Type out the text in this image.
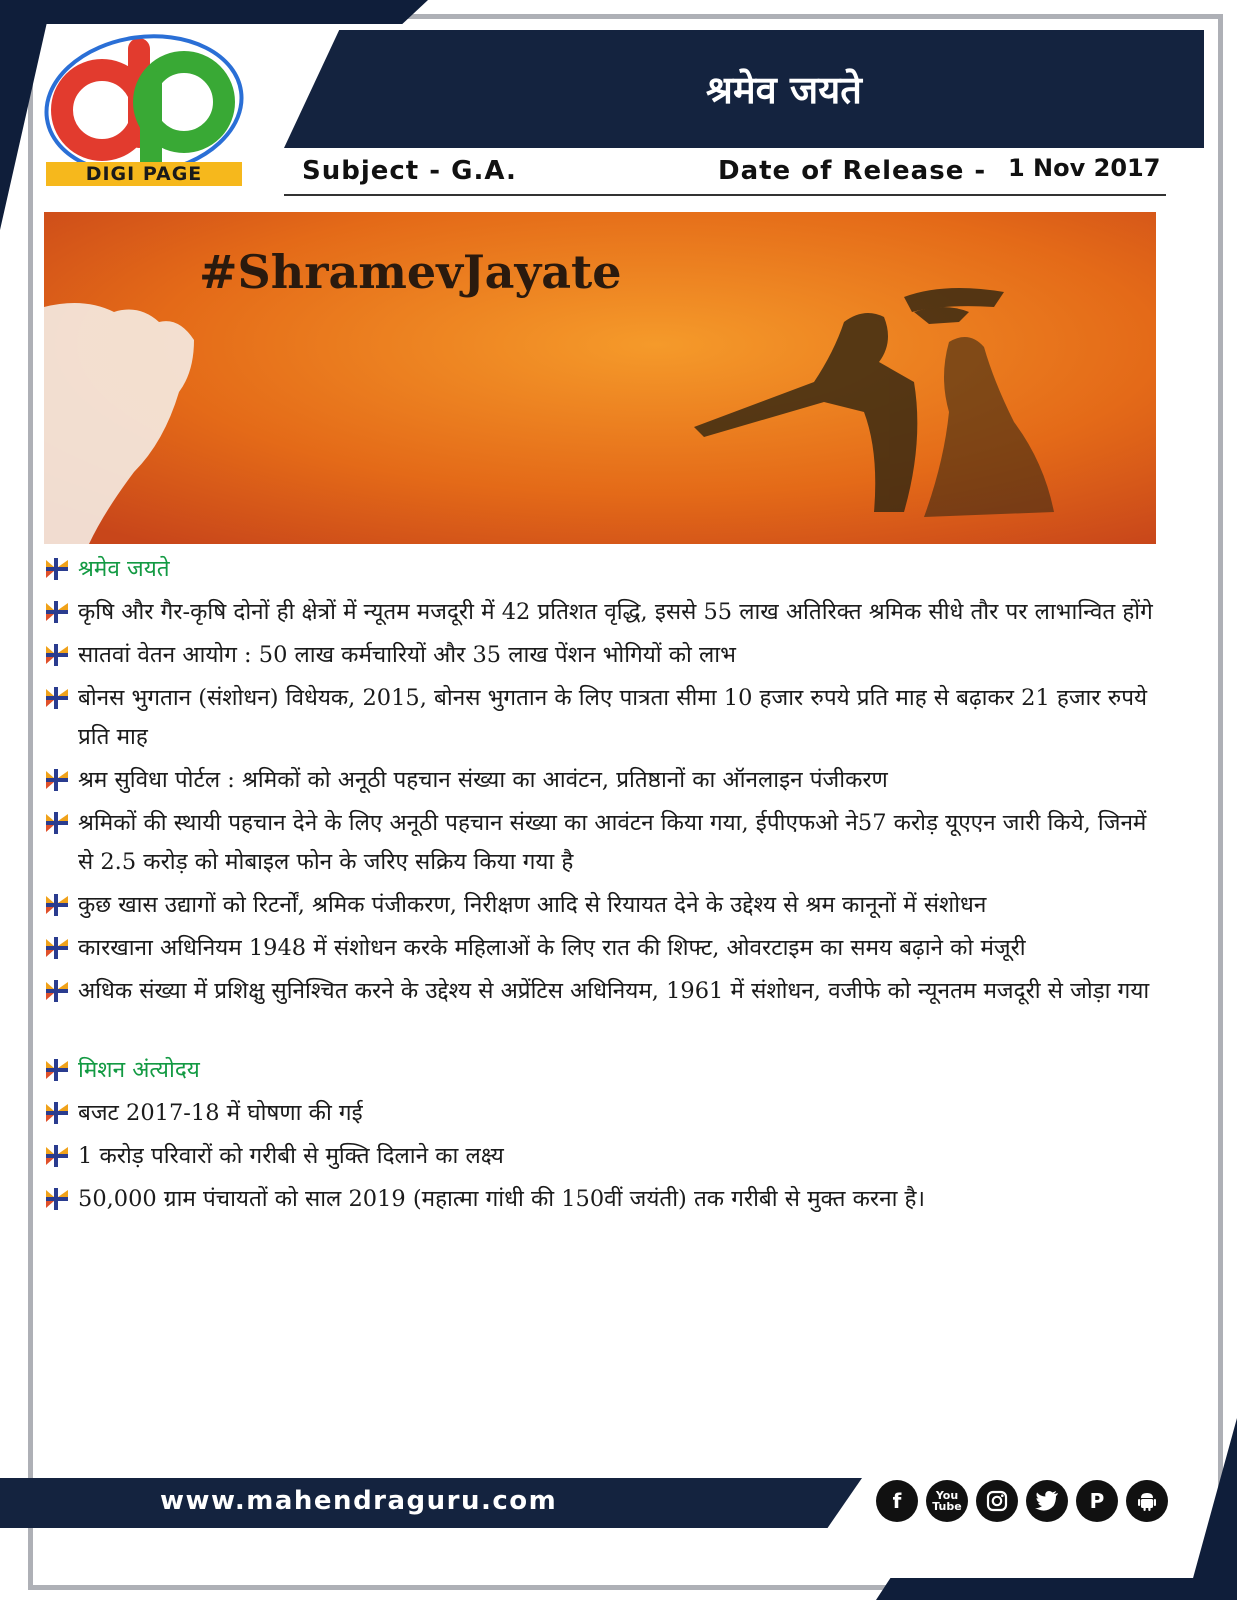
DIGI PAGE
श्रमेव जयते
Subject - G.A.	Date of Release - 1 Nov 2017
#ShramevJayate
श्रमेव जयते
कृषि और गैर-कृषि दोनों ही क्षेत्रों में न्यूतम मजदूरी में 42 प्रतिशत वृद्धि, इससे 55 लाख अतिरिक्त श्रमिक सीधे तौर पर लाभान्वित होंगे
सातवां वेतन आयोग : 50 लाख कर्मचारियों और 35 लाख पेंशन भोगियों को लाभ
बोनस भुगतान (संशोधन) विधेयक, 2015, बोनस भुगतान के लिए पात्रता सीमा 10 हजार रुपये प्रति माह से बढ़ाकर 21 हजार रुपये प्रति माह
श्रम सुविधा पोर्टल : श्रमिकों को अनूठी पहचान संख्या का आवंटन, प्रतिष्ठानों का ऑनलाइन पंजीकरण
श्रमिकों की स्थायी पहचान देने के लिए अनूठी पहचान संख्या का आवंटन किया गया, ईपीएफओ ने57 करोड़ यूएएन जारी किये, जिनमें से 2.5 करोड़ को मोबाइल फोन के जरिए सक्रिय किया गया है
कुछ खास उद्यागों को रिटर्नों, श्रमिक पंजीकरण, निरीक्षण आदि से रियायत देने के उद्देश्य से श्रम कानूनों में संशोधन
कारखाना अधिनियम 1948 में संशोधन करके महिलाओं के लिए रात की शिफ्ट, ओवरटाइम का समय बढ़ाने को मंजूरी
अधिक संख्या में प्रशिक्षु सुनिश्चित करने के उद्देश्य से अप्रेंटिस अधिनियम, 1961 में संशोधन, वजीफे को न्यूनतम मजदूरी से जोड़ा गया
मिशन अंत्योदय
बजट 2017-18 में घोषणा की गई
1 करोड़ परिवारों को गरीबी से मुक्ति दिलाने का लक्ष्य
50,000 ग्राम पंचायतों को साल 2019 (महात्मा गांधी की 150वीं जयंती) तक गरीबी से मुक्त करना है।
www.mahendraguru.com	f	You
Tube	P
